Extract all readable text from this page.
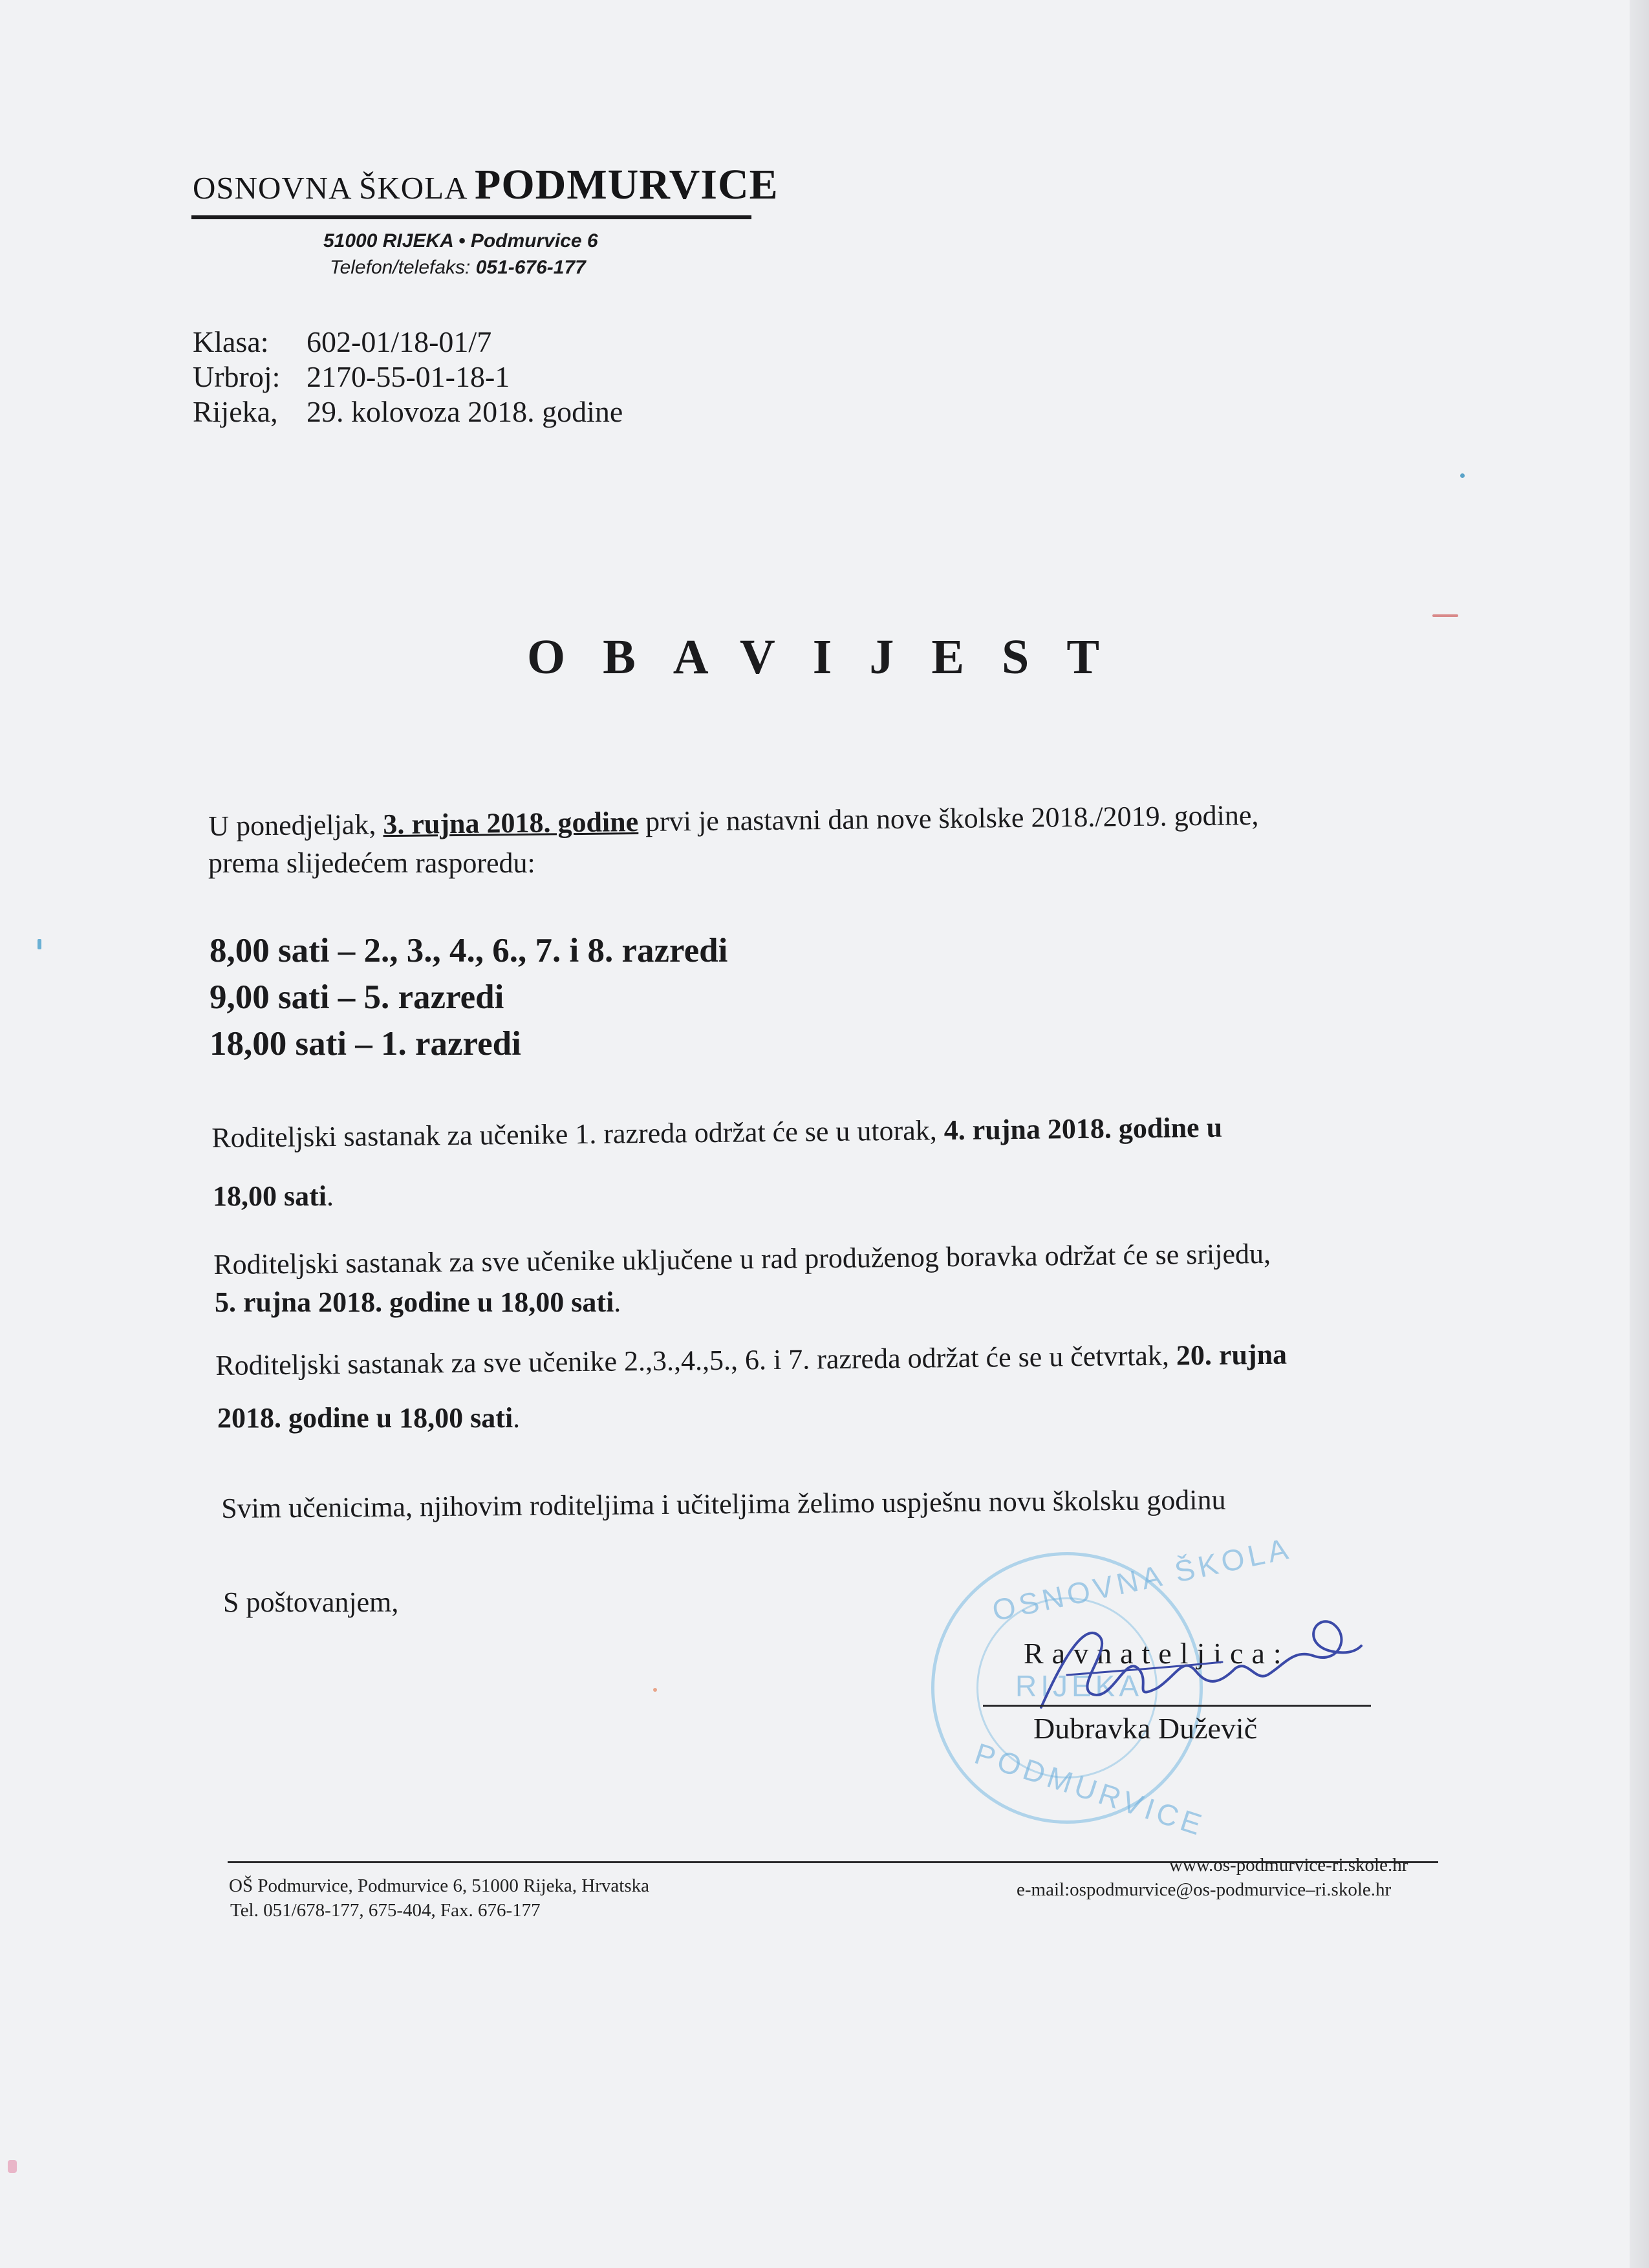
OSNOVNA ŠKOLA PODMURVICE
51000 RIJEKA • Podmurvice 6
Telefon/telefaks: 051-676-177
Klasa: 602-01/18-01/7
Urbroj: 2170-55-01-18-1
Rijeka, 29. kolovoza 2018. godine
OBAVIJEST
U ponedjeljak, 3. rujna 2018. godine prvi je nastavni dan nove školske 2018./2019. godine,
prema slijedećem rasporedu:
8,00 sati – 2., 3., 4., 6., 7. i 8. razredi
9,00 sati – 5. razredi
18,00 sati – 1. razredi
Roditeljski sastanak za učenike 1. razreda održat će se u utorak, 4. rujna 2018. godine u
18,00 sati.
Roditeljski sastanak za sve učenike uključene u rad produženog boravka održat će se srijedu,
5. rujna 2018. godine u 18,00 sati.
Roditeljski sastanak za sve učenike 2.,3.,4.,5., 6. i 7. razreda održat će se u četvrtak, 20. rujna
2018. godine u 18,00 sati.
Svim učenicima, njihovim roditeljima i učiteljima želimo uspješnu novu školsku godinu
S poštovanjem,	OSNOVNA ŠKOLA
RIJEKA
PODMURVICE
Ravnateljica:
Dubravka Duževič
OŠ Podmurvice, Podmurvice 6, 51000 Rijeka, Hrvatska
Tel. 051/678-177, 675-404, Fax. 676-177
www.os-podmurvice-ri.skole.hr
e-mail:ospodmurvice@os-podmurvice–ri.skole.hr
